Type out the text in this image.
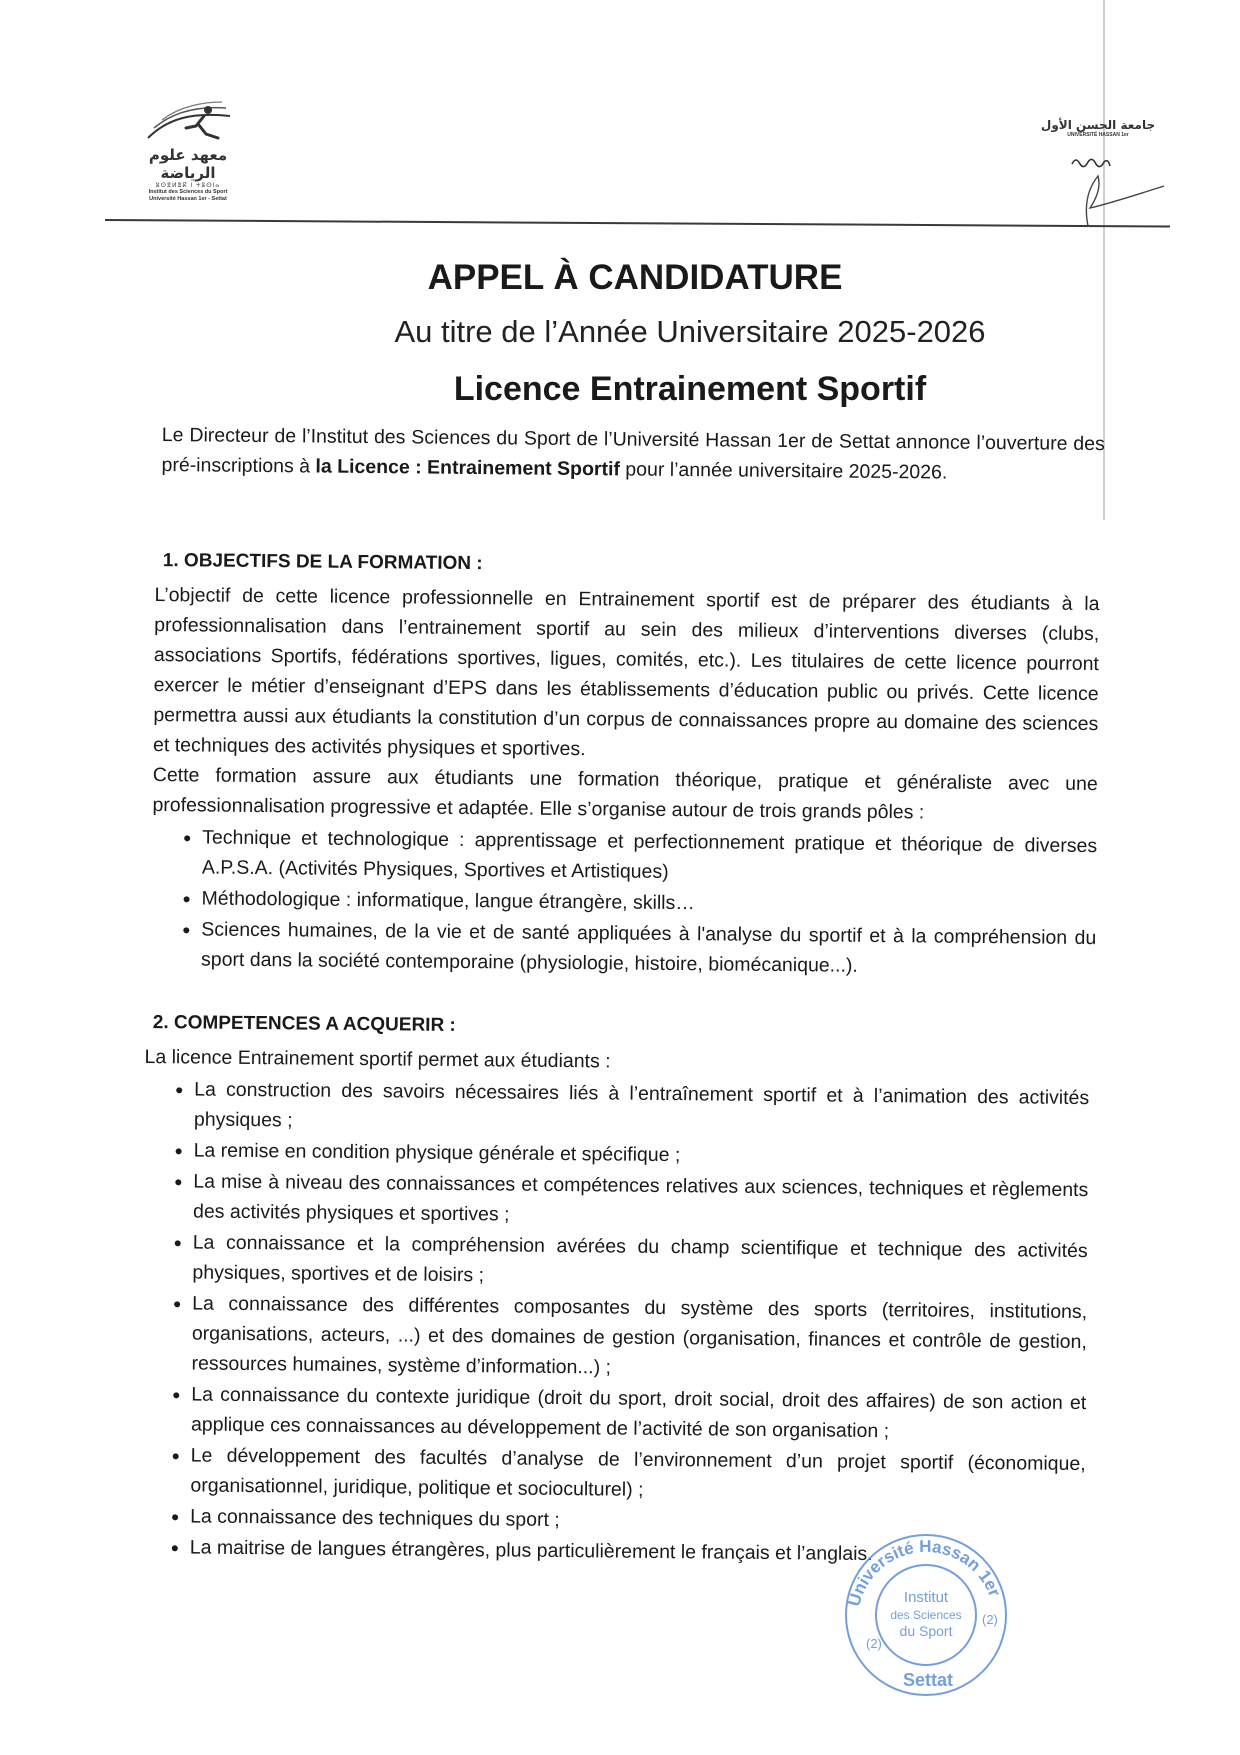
معهد علوم الرياضة
ⵓⵙⴻⵍⴻⴽ ⵏ ⵜⵓⵙⵏⴰ
Institut des Sciences du Sport
Université Hassan 1er - Settat
جامعة الحسن الأول
UNIVERSITÉ HASSAN 1er
APPEL À CANDIDATURE
Au titre de l’Année Universitaire 2025-2026
Licence Entrainement Sportif
Le Directeur de l’Institut des Sciences du Sport de l’Université Hassan 1er de Settat annonce l’ouverture des pré-inscriptions à la Licence : Entrainement Sportif pour l’année universitaire 2025-2026.
1. OBJECTIFS DE LA FORMATION :

L’objectif de cette licence professionnelle en Entrainement sportif est de préparer des étudiants à la professionnalisation dans l’entrainement sportif au sein des milieux d’interventions diverses (clubs, associations Sportifs, fédérations sportives, ligues, comités, etc.). Les titulaires de cette licence pourront exercer le métier d’enseignant d’EPS dans les établissements d’éducation public ou privés. Cette licence permettra aussi aux étudiants la constitution d’un corpus de connaissances propre au domaine des sciences et techniques des activités physiques et sportives.

Cette formation assure aux étudiants une formation théorique, pratique et généraliste avec une professionnalisation progressive et adaptée. Elle s’organise autour de trois grands pôles :

• Technique et technologique : apprentissage et perfectionnement pratique et théorique de diverses A.P.S.A. (Activités Physiques, Sportives et Artistiques)
• Méthodologique : informatique, langue étrangère, skills…
• Sciences humaines, de la vie et de santé appliquées à l'analyse du sportif et à la compréhension du sport dans la société contemporaine (physiologie, histoire, biomécanique...).
2. COMPETENCES A ACQUERIR :

La licence Entrainement sportif permet aux étudiants :

• La construction des savoirs nécessaires liés à l’entraînement sportif et à l’animation des activités physiques ;
• La remise en condition physique générale et spécifique ;
• La mise à niveau des connaissances et compétences relatives aux sciences, techniques et règlements des activités physiques et sportives ;
• La connaissance et la compréhension avérées du champ scientifique et technique des activités physiques, sportives et de loisirs ;
• La connaissance des différentes composantes du système des sports (territoires, institutions, organisations, acteurs, ...) et des domaines de gestion (organisation, finances et contrôle de gestion, ressources humaines, système d’information...) ;
• La connaissance du contexte juridique (droit du sport, droit social, droit des affaires) de son action et applique ces connaissances au développement de l’activité de son organisation ;
• Le développement des facultés d’analyse de l’environnement d’un projet sportif (économique, organisationnel, juridique, politique et socioculturel) ;
• La connaissance des techniques du sport ;
• La maitrise de langues étrangères, plus particulièrement le français et l’anglais.
Université Hassan 1er
Institut
des Sciences
du Sport
Settat
(2)
(2)
